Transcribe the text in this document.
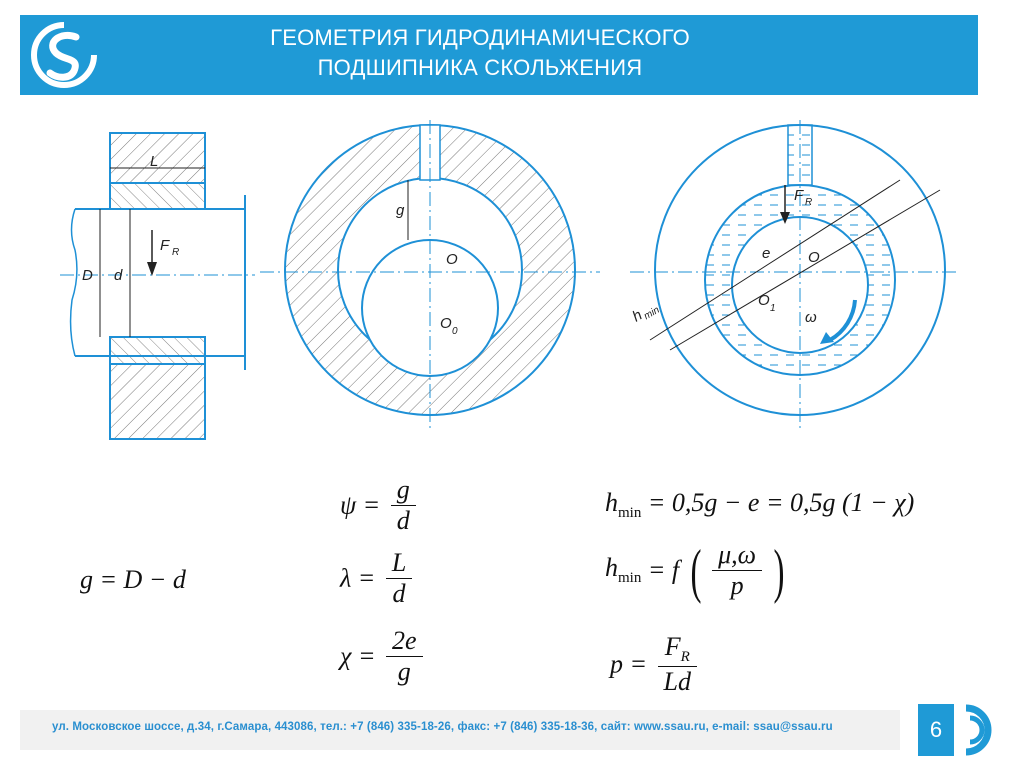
ГЕОМЕТРИЯ ГИДРОДИНАМИЧЕСКОГО
ПОДШИПНИКА СКОЛЬЖЕНИЯ
L
D d
F R
g
O
O 0
F R
e	O
O 1
ω
h
min
g = D − d
$\psi = \frac{g}{d}$
$\lambda = \frac{L}{d}$
$\chi = \frac{2e}{g}$
$h_{min} = 0,5g - e = 0,5g$ (1 − χ)
$h_{min} = f$ ( $\frac{\mu,\omega}{p}$ )
$p = \frac{F_R}{Ld}$
ул. Московское шоссе, д.34, г.Самара, 443086, тел.: +7 (846) 335-18-26, факс: +7 (846) 335-18-36, сайт: www.ssau.ru, e-mail: ssau@ssau.ru	6
